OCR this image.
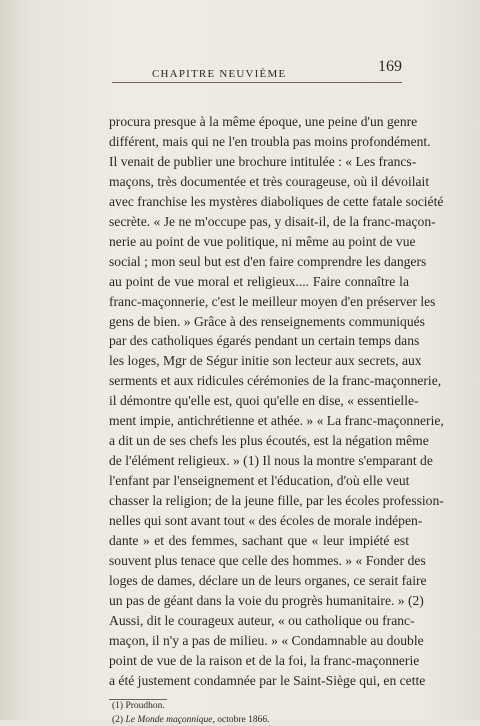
CHAPITRE NEUVIÈME	169
procura presque à la même époque, une peine d'un genre
différent, mais qui ne l'en troubla pas moins profondément.
Il venait de publier une brochure intitulée : « Les francs-
maçons, très documentée et très courageuse, où il dévoilait
avec franchise les mystères diaboliques de cette fatale société
secrète. « Je ne m'occupe pas, y disait-il, de la franc-maçon-
nerie au point de vue politique, ni même au point de vue
social ; mon seul but est d'en faire comprendre les dangers
au point de vue moral et religieux.... Faire connaître la
franc-maçonnerie, c'est le meilleur moyen d'en préserver les
gens de bien. » Grâce à des renseignements communiqués
par des catholiques égarés pendant un certain temps dans
les loges, Mgr de Ségur initie son lecteur aux secrets, aux
serments et aux ridicules cérémonies de la franc-maçonnerie,
il démontre qu'elle est, quoi qu'elle en dise, « essentielle-
ment impie, antichrétienne et athée. » « La franc-maçonnerie,
a dit un de ses chefs les plus écoutés, est la négation même
de l'élément religieux. » (1) Il nous la montre s'emparant de
l'enfant par l'enseignement et l'éducation, d'où elle veut
chasser la religion; de la jeune fille, par les écoles profession-
nelles qui sont avant tout « des écoles de morale indépen-
dante » et des femmes, sachant que « leur impiété est
souvent plus tenace que celle des hommes. » « Fonder des
loges de dames, déclare un de leurs organes, ce serait faire
un pas de géant dans la voie du progrès humanitaire. » (2)
Aussi, dit le courageux auteur, « ou catholique ou franc-
maçon, il n'y a pas de milieu. » « Condamnable au double
point de vue de la raison et de la foi, la franc-maçonnerie
a été justement condamnée par le Saint-Siège qui, en cette
(1) Proudhon.
(2) Le Monde maçonnique, octobre 1866.
